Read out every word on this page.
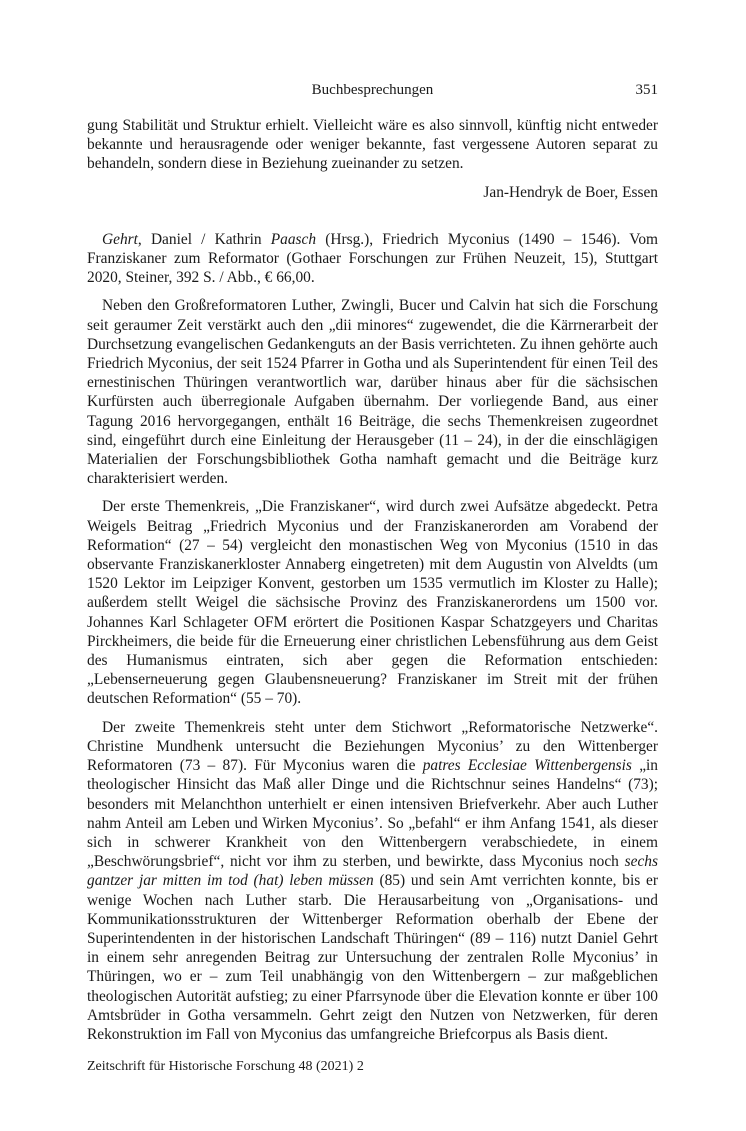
Buchbesprechungen	351

gung Stabilität und Struktur erhielt. Vielleicht wäre es also sinnvoll, künftig nicht entweder bekannte und herausragende oder weniger bekannte, fast vergessene Autoren separat zu behandeln, sondern diese in Beziehung zueinander zu setzen.

Jan-Hendryk de Boer, Essen

Gehrt, Daniel / Kathrin Paasch (Hrsg.), Friedrich Myconius (1490 – 1546). Vom Franziskaner zum Reformator (Gothaer Forschungen zur Frühen Neuzeit, 15), Stuttgart 2020, Steiner, 392 S. / Abb., € 66,00.

Neben den Großreformatoren Luther, Zwingli, Bucer und Calvin hat sich die Forschung seit geraumer Zeit verstärkt auch den „dii minores“ zugewendet, die die Kärrnerarbeit der Durchsetzung evangelischen Gedankenguts an der Basis verrichteten. Zu ihnen gehörte auch Friedrich Myconius, der seit 1524 Pfarrer in Gotha und als Superintendent für einen Teil des ernestinischen Thüringen verantwortlich war, darüber hinaus aber für die sächsischen Kurfürsten auch überregionale Aufgaben übernahm. Der vorliegende Band, aus einer Tagung 2016 hervorgegangen, enthält 16 Beiträge, die sechs Themenkreisen zugeordnet sind, eingeführt durch eine Einleitung der Herausgeber (11 – 24), in der die einschlägigen Materialien der Forschungsbibliothek Gotha namhaft gemacht und die Beiträge kurz charakterisiert werden.

Der erste Themenkreis, „Die Franziskaner“, wird durch zwei Aufsätze abgedeckt. Petra Weigels Beitrag „Friedrich Myconius und der Franziskanerorden am Vorabend der Reformation“ (27 – 54) vergleicht den monastischen Weg von Myconius (1510 in das observante Franziskanerkloster Annaberg eingetreten) mit dem Augustin von Alveldts (um 1520 Lektor im Leipziger Konvent, gestorben um 1535 vermutlich im Kloster zu Halle); außerdem stellt Weigel die sächsische Provinz des Franziskanerordens um 1500 vor. Johannes Karl Schlageter OFM erörtert die Positionen Kaspar Schatzgeyers und Charitas Pirckheimers, die beide für die Erneuerung einer christlichen Lebensführung aus dem Geist des Humanismus eintraten, sich aber gegen die Reformation entschieden: „Lebenserneuerung gegen Glaubensneuerung? Franziskaner im Streit mit der frühen deutschen Reformation“ (55 – 70).

Der zweite Themenkreis steht unter dem Stichwort „Reformatorische Netzwerke“. Christine Mundhenk untersucht die Beziehungen Myconius’ zu den Wittenberger Reformatoren (73 – 87). Für Myconius waren die patres Ecclesiae Wittenbergensis „in theologischer Hinsicht das Maß aller Dinge und die Richtschnur seines Handelns“ (73); besonders mit Melanchthon unterhielt er einen intensiven Briefverkehr. Aber auch Luther nahm Anteil am Leben und Wirken Myconius’. So „befahl“ er ihm Anfang 1541, als dieser sich in schwerer Krankheit von den Wittenbergern verabschiedete, in einem „Beschwörungsbrief“, nicht vor ihm zu sterben, und bewirkte, dass Myconius noch sechs gantzer jar mitten im tod (hat) leben müssen (85) und sein Amt verrichten konnte, bis er wenige Wochen nach Luther starb. Die Herausarbeitung von „Organisations- und Kommunikationsstrukturen der Wittenberger Reformation oberhalb der Ebene der Superintendenten in der historischen Landschaft Thüringen“ (89 – 116) nutzt Daniel Gehrt in einem sehr anregenden Beitrag zur Untersuchung der zentralen Rolle Myconius’ in Thüringen, wo er – zum Teil unabhängig von den Wittenbergern – zur maßgeblichen theologischen Autorität aufstieg; zu einer Pfarrsynode über die Elevation konnte er über 100 Amtsbrüder in Gotha versammeln. Gehrt zeigt den Nutzen von Netzwerken, für deren Rekonstruktion im Fall von Myconius das umfangreiche Briefcorpus als Basis dient.

Zeitschrift für Historische Forschung 48 (2021) 2
